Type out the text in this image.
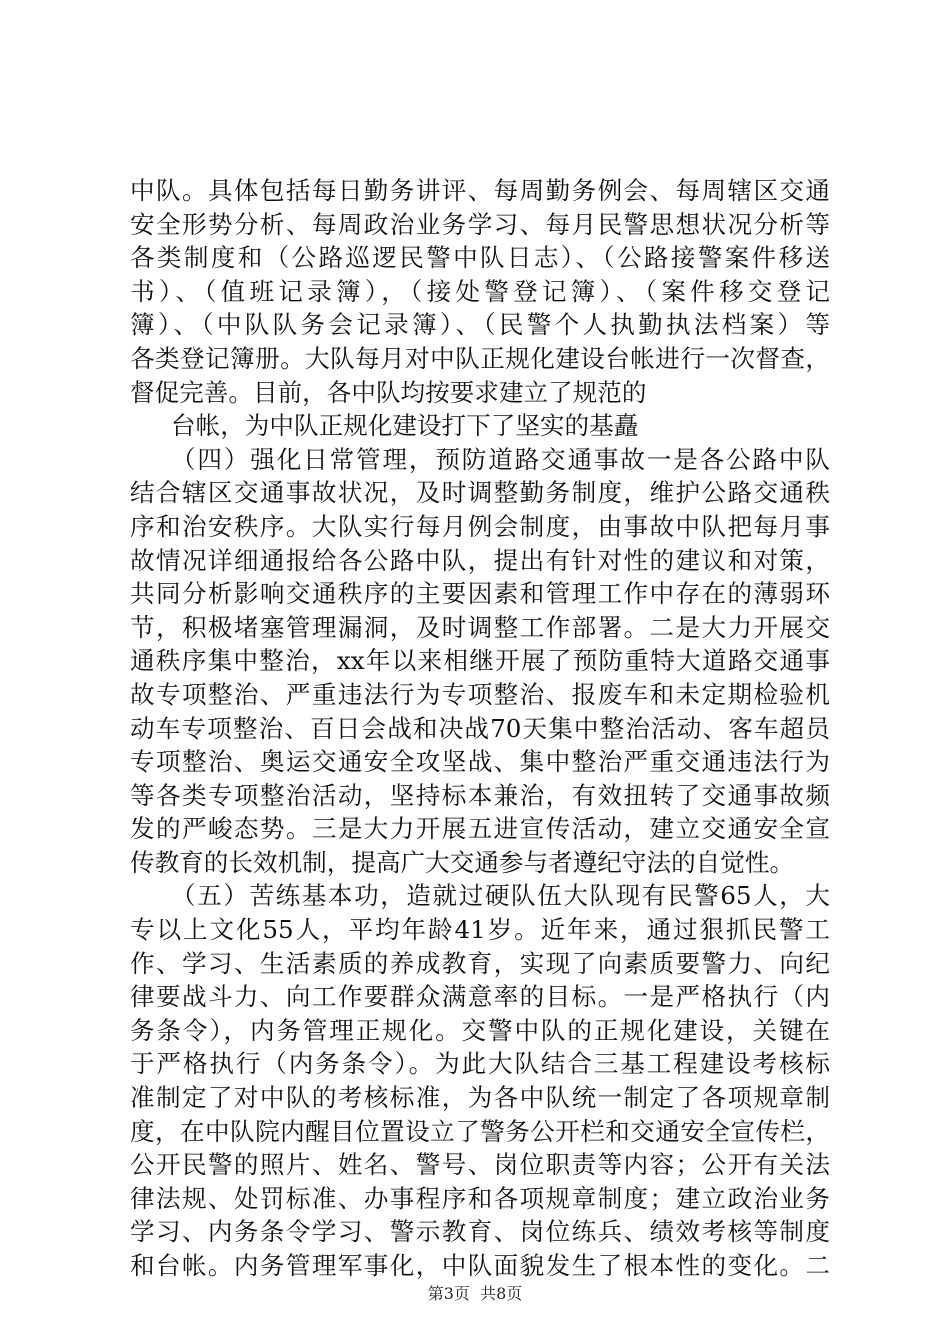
中队。具体包括每日勤务讲评、每周勤务例会、每周辖区交通
安全形势分析、每周政治业务学习、每月民警思想状况分析等
各类制度和（公路巡逻民警中队日志）、（公路接警案件移送
书）、（值班记录簿），（接处警登记簿）、（案件移交登记
簿）、（中队队务会记录簿）、（民警个人执勤执法档案）等
各类登记簿册。大队每月对中队正规化建设台帐进行一次督查，
督促完善。目前，各中队均按要求建立了规范的
台帐，为中队正规化建设打下了坚实的基矗
（四）强化日常管理，预防道路交通事故一是各公路中队
结合辖区交通事故状况，及时调整勤务制度，维护公路交通秩
序和治安秩序。大队实行每月例会制度，由事故中队把每月事
故情况详细通报给各公路中队，提出有针对性的建议和对策，
共同分析影响交通秩序的主要因素和管理工作中存在的薄弱环
节，积极堵塞管理漏洞，及时调整工作部署。二是大力开展交
通秩序集中整治，xx年以来相继开展了预防重特大道路交通事
故专项整治、严重违法行为专项整治、报废车和未定期检验机
动车专项整治、百日会战和决战70天集中整治活动、客车超员
专项整治、奥运交通安全攻坚战、集中整治严重交通违法行为
等各类专项整治活动，坚持标本兼治，有效扭转了交通事故频
发的严峻态势。三是大力开展五进宣传活动，建立交通安全宣
传教育的长效机制，提高广大交通参与者遵纪守法的自觉性。
（五）苦练基本功，造就过硬队伍大队现有民警65人，大
专以上文化55人，平均年龄41岁。近年来，通过狠抓民警工
作、学习、生活素质的养成教育，实现了向素质要警力、向纪
律要战斗力、向工作要群众满意率的目标。一是严格执行（内
务条令），内务管理正规化。交警中队的正规化建设，关键在
于严格执行（内务条令）。为此大队结合三基工程建设考核标
准制定了对中队的考核标准，为各中队统一制定了各项规章制
度，在中队院内醒目位置设立了警务公开栏和交通安全宣传栏，
公开民警的照片、姓名、警号、岗位职责等内容；公开有关法
律法规、处罚标准、办事程序和各项规章制度；建立政治业务
学习、内务条令学习、警示教育、岗位练兵、绩效考核等制度
和台帐。内务管理军事化，中队面貌发生了根本性的变化。二
第3页  共8页
